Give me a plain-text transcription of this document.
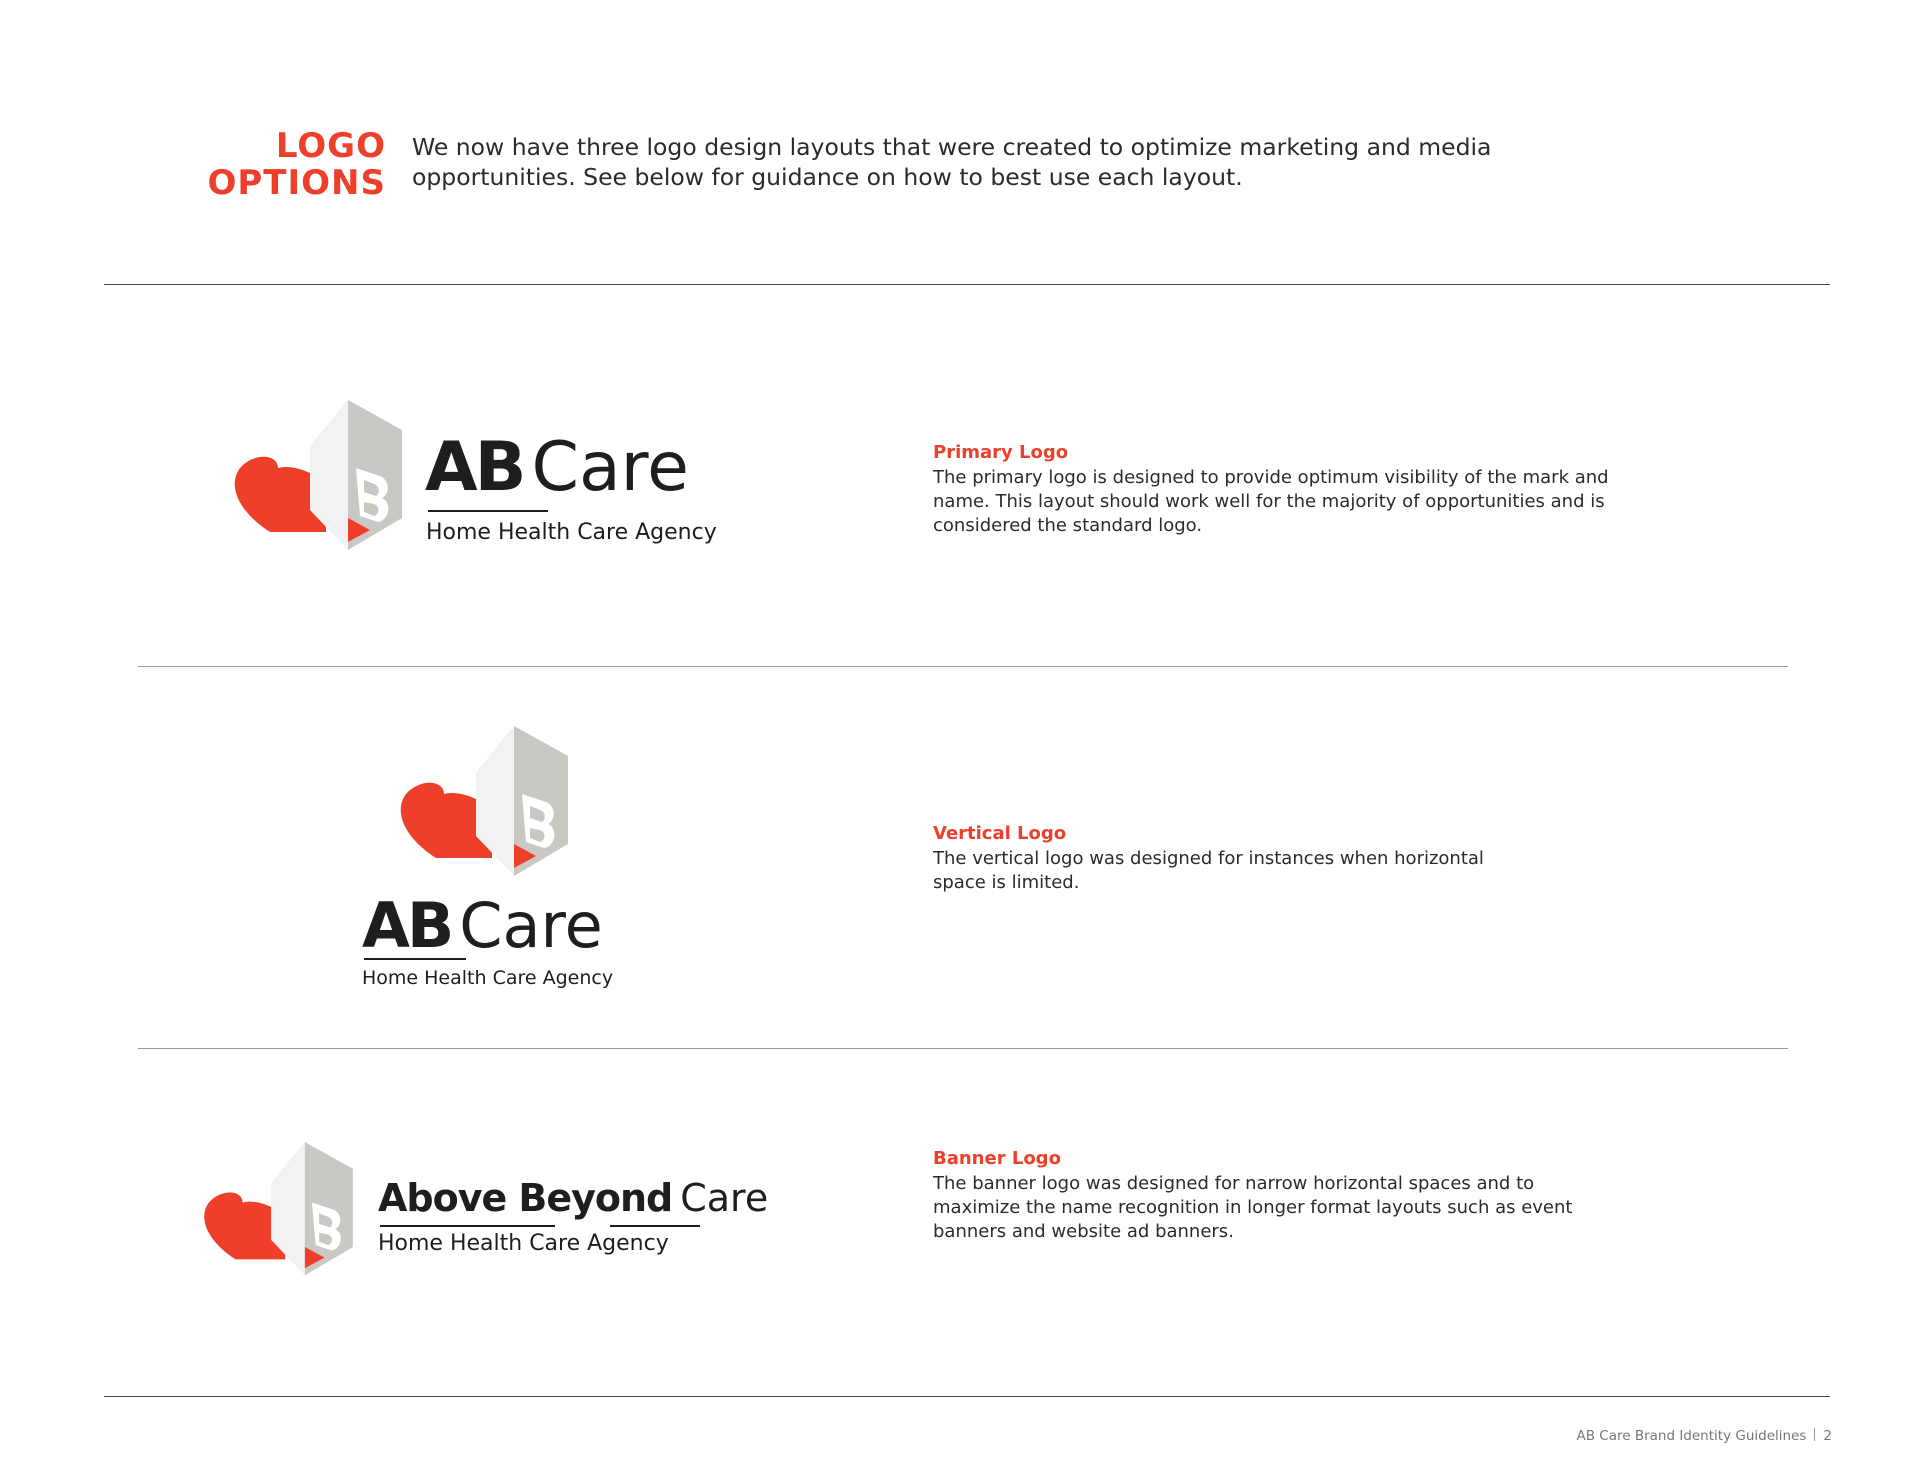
LOGO
OPTIONS

We now have three logo design layouts that were created to optimize marketing and media opportunities. See below for guidance on how to best use each layout.

AB Care
Home Health Care Agency

Primary Logo

The primary logo is designed to provide optimum visibility of the mark and name. This layout should work well for the majority of opportunities and is considered the standard logo.

AB Care
Home Health Care Agency

Vertical Logo

The vertical logo was designed for instances when horizontal space is limited.

Above Beyond Care
Home Health Care Agency

Banner Logo

The banner logo was designed for narrow horizontal spaces and to maximize the name recognition in longer format layouts such as event banners and website ad banners.

AB Care Brand Identity Guidelines 2
